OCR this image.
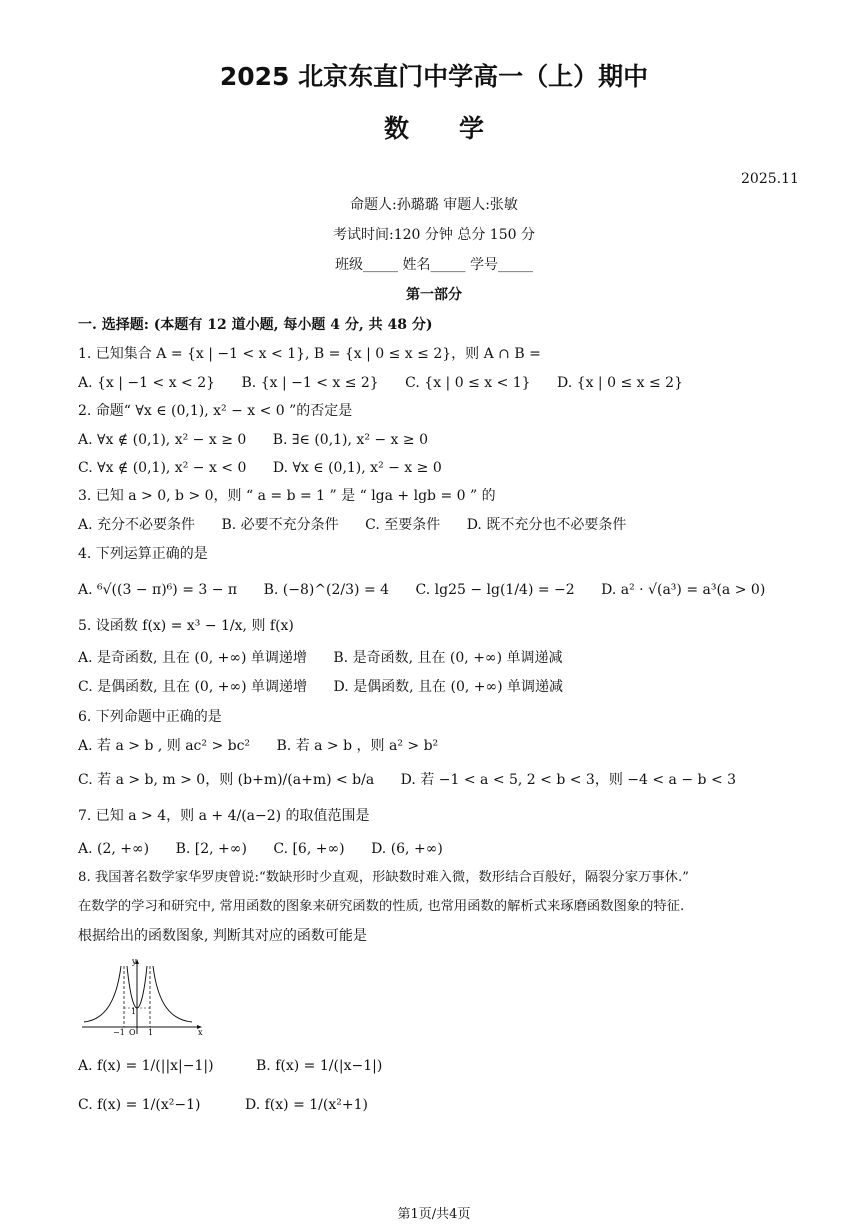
2025 北京东直门中学高一（上）期中
数学
2025.11
命题人:孙璐璐 审题人:张敏
考试时间:120 分钟 总分 150 分
班级_____ 姓名_____ 学号_____
第一部分
一. 选择题: (本题有 12 道小题, 每小题 4 分, 共 48 分)
1. 已知集合 A = {x | −1 < x < 1}, B = {x | 0 ≤ x ≤ 2}，则 A ∩ B =
A. {x | −1 < x < 2} B. {x | −1 < x ≤ 2} C. {x | 0 ≤ x < 1} D. {x | 0 ≤ x ≤ 2}
2. 命题“ ∀x ∈ (0,1), x² − x < 0 ”的否定是
A. ∀x ∉ (0,1), x² − x ≥ 0 B. ∃∈ (0,1), x² − x ≥ 0
C. ∀x ∉ (0,1), x² − x < 0 D. ∀x ∈ (0,1), x² − x ≥ 0
3. 已知 a > 0, b > 0，则 “ a = b = 1 ” 是 “ lga + lgb = 0 ” 的
A. 充分不必要条件 B. 必要不充分条件 C. 至要条件 D. 既不充分也不必要条件
4. 下列运算正确的是
A. ⁶√((3 − π)⁶) = 3 − π B. (−8)^(2/3) = 4 C. lg25 − lg(1/4) = −2 D. a² · √(a³) = a³(a > 0)
5. 设函数 f(x) = x³ − 1/x, 则 f(x)
A. 是奇函数, 且在 (0, +∞) 单调递增 B. 是奇函数, 且在 (0, +∞) 单调递减
C. 是偶函数, 且在 (0, +∞) 单调递增 D. 是偶函数, 且在 (0, +∞) 单调递减
6. 下列命题中正确的是
A. 若 a > b , 则 ac² > bc² B. 若 a > b ，则 a² > b²
C. 若 a > b, m > 0，则 (b+m)/(a+m) < b/a D. 若 −1 < a < 5, 2 < b < 3，则 −4 < a − b < 3
7. 已知 a > 4，则 a + 4/(a−2) 的取值范围是
A. (2, +∞) B. [2, +∞) C. [6, +∞) D. (6, +∞)
8. 我国著名数学家华罗庚曾说:“数缺形时少直观，形缺数时难入微，数形结合百般好，隔裂分家万事休.”
在数学的学习和研究中, 常用函数的图象来研究函数的性质, 也常用函数的解析式来琢磨函数图象的特征.
根据给出的函数图象, 判断其对应的函数可能是
y
x
−1 O 1
1
A. f(x) = 1/(||x|−1|)	B. f(x) = 1/(|x−1|)
C. f(x) = 1/(x²−1)	D. f(x) = 1/(x²+1)
第1页/共4页
